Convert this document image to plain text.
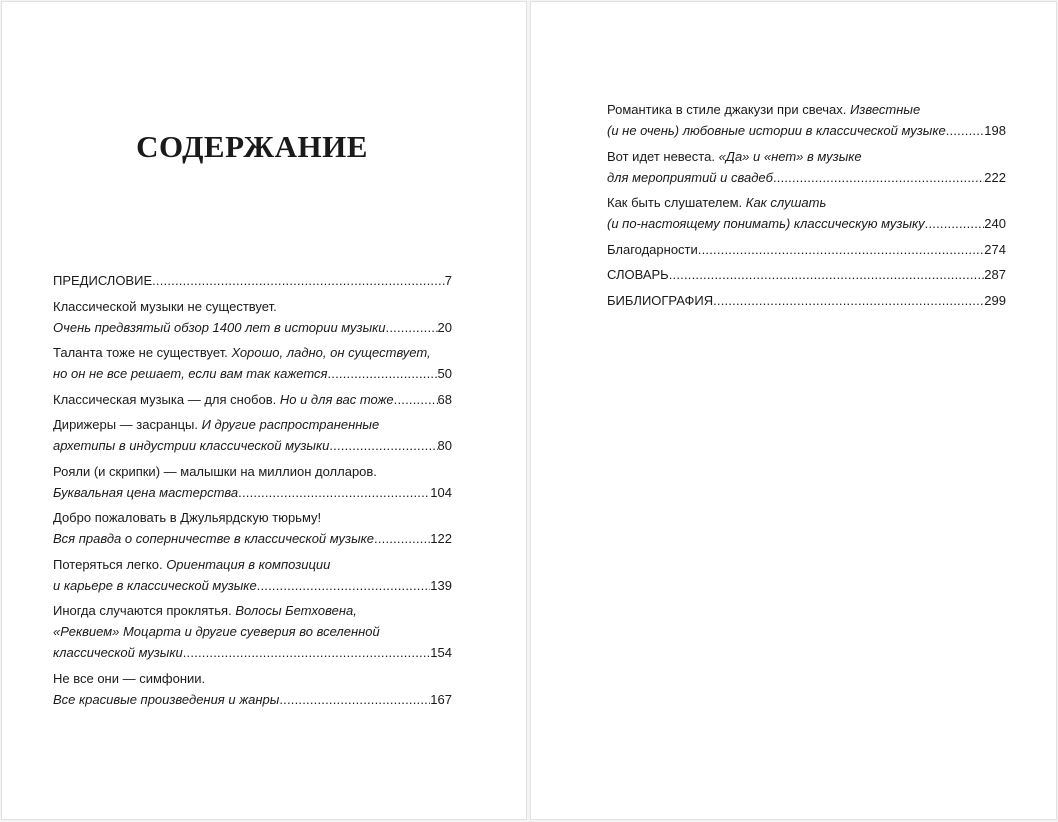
СОДЕРЖАНИЕ
ПРЕДИСЛОВИЕ .....	7
Классической музыки не существует.
Очень предвзятый обзор 1400 лет в истории музыки .....	20
Таланта тоже не существует. Хорошо, ладно, он существует,
но он не все решает, если вам так кажется .....	50
Классическая музыка — для снобов. Но и для вас тоже .....	68
Дирижеры — засранцы. И другие распространенные
архетипы в индустрии классической музыки .....	80
Рояли (и скрипки) — малышки на миллион долларов.
Буквальная цена мастерства .....	104
Добро пожаловать в Джульярдскую тюрьму!
Вся правда о соперничестве в классической музыке .....	122
Потеряться легко. Ориентация в композиции
и карьере в классической музыке .....	139
Иногда случаются проклятья. Волосы Бетховена,
«Реквием» Моцарта и другие суеверия во вселенной
классической музыки .....	154
Не все они — симфонии.
Все красивые произведения и жанры .....	167
Романтика в стиле джакузи при свечах. Известные
(и не очень) любовные истории в классической музыке .....	198
Вот идет невеста. «Да» и «нет» в музыке
для мероприятий и свадеб .....	222
Как быть слушателем. Как слушать
(и по-настоящему понимать) классическую музыку .....	240
Благодарности .....	274
СЛОВАРЬ .....	287
БИБЛИОГРАФИЯ .....	299
